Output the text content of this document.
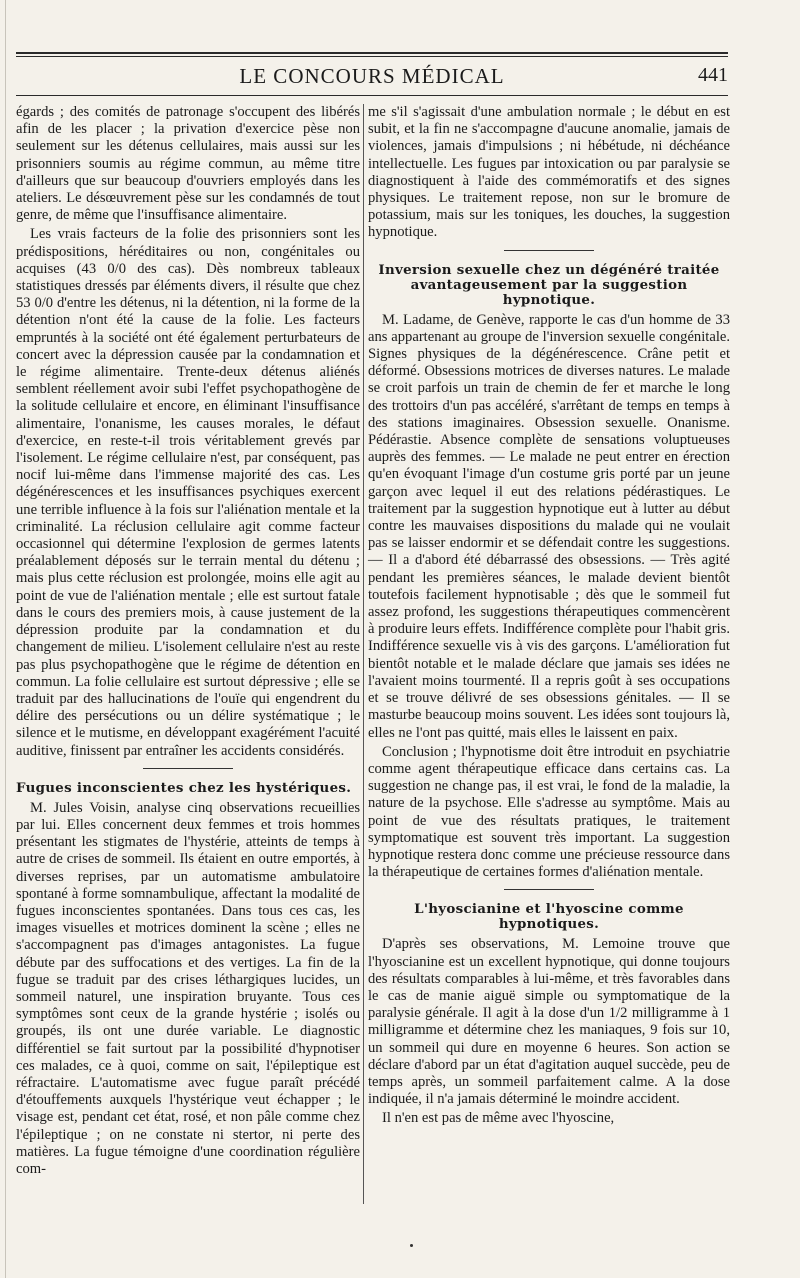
LE CONCOURS MÉDICAL	441

égards ; des comités de patronage s'occupent des libérés afin de les placer ; la privation d'exercice pèse non seulement sur les détenus cellulaires, mais aussi sur les prisonniers soumis au régime commun, au même titre d'ailleurs que sur beaucoup d'ouvriers employés dans les ateliers. Le désœuvrement pèse sur les condamnés de tout genre, de même que l'insuffisance alimentaire.

Les vrais facteurs de la folie des prisonniers sont les prédispositions, héréditaires ou non, congénitales ou acquises (43 0/0 des cas). Dès nombreux tableaux statistiques dressés par éléments divers, il résulte que chez 53 0/0 d'entre les détenus, ni la détention, ni la forme de la détention n'ont été la cause de la folie. Les facteurs empruntés à la société ont été également perturbateurs de concert avec la dépression causée par la condamnation et le régime alimentaire. Trente-deux détenus aliénés semblent réellement avoir subi l'effet psychopathogène de la solitude cellulaire et encore, en éliminant l'insuffisance alimentaire, l'onanisme, les causes morales, le défaut d'exercice, en reste-t-il trois véritablement grevés par l'isolement. Le régime cellulaire n'est, par conséquent, pas nocif lui-même dans l'immense majorité des cas. Les dégénérescences et les insuffisances psychiques exercent une terrible influence à la fois sur l'aliénation mentale et la criminalité. La réclusion cellulaire agit comme facteur occasionnel qui détermine l'explosion de germes latents préalablement déposés sur le terrain mental du détenu ; mais plus cette réclusion est prolongée, moins elle agit au point de vue de l'aliénation mentale ; elle est surtout fatale dans le cours des premiers mois, à cause justement de la dépression produite par la condamnation et du changement de milieu. L'isolement cellulaire n'est au reste pas plus psychopathogène que le régime de détention en commun. La folie cellulaire est surtout dépressive ; elle se traduit par des hallucinations de l'ouïe qui engendrent du délire des persécutions ou un délire systématique ; le silence et le mutisme, en développant exagérément l'acuité auditive, finissent par entraîner les accidents considérés.

Fugues inconscientes chez les hystériques.

M. Jules Voisin, analyse cinq observations recueillies par lui. Elles concernent deux femmes et trois hommes présentant les stigmates de l'hystérie, atteints de temps à autre de crises de sommeil. Ils étaient en outre emportés, à diverses reprises, par un automatisme ambulatoire spontané à forme somnambulique, affectant la modalité de fugues inconscientes spontanées. Dans tous ces cas, les images visuelles et motrices dominent la scène ; elles ne s'accompagnent pas d'images antagonistes. La fugue débute par des suffocations et des vertiges. La fin de la fugue se traduit par des crises léthargiques lucides, un sommeil naturel, une inspiration bruyante. Tous ces symptômes sont ceux de la grande hystérie ; isolés ou groupés, ils ont une durée variable. Le diagnostic différentiel se fait surtout par la possibilité d'hypnotiser ces malades, ce à quoi, comme on sait, l'épileptique est réfractaire. L'automatisme avec fugue paraît précédé d'étouffements auxquels l'hystérique veut échapper ; le visage est, pendant cet état, rosé, et non pâle comme chez l'épileptique ; on ne constate ni stertor, ni perte des matières. La fugue témoigne d'une coordination régulière com-

me s'il s'agissait d'une ambulation normale ; le début en est subit, et la fin ne s'accompagne d'aucune anomalie, jamais de violences, jamais d'impulsions ; ni hébétude, ni déchéance intellectuelle. Les fugues par intoxication ou par paralysie se diagnostiquent à l'aide des commémoratifs et des signes physiques. Le traitement repose, non sur le bromure de potassium, mais sur les toniques, les douches, la suggestion hypnotique.

Inversion sexuelle chez un dégénéré traitée avantageusement par la suggestion hypnotique.

M. Ladame, de Genève, rapporte le cas d'un homme de 33 ans appartenant au groupe de l'inversion sexuelle congénitale. Signes physiques de la dégénérescence. Crâne petit et déformé. Obsessions motrices de diverses natures. Le malade se croit parfois un train de chemin de fer et marche le long des trottoirs d'un pas accéléré, s'arrêtant de temps en temps à des stations imaginaires. Obsession sexuelle. Onanisme. Pédérastie. Absence complète de sensations voluptueuses auprès des femmes. — Le malade ne peut entrer en érection qu'en évoquant l'image d'un costume gris porté par un jeune garçon avec lequel il eut des relations pédérastiques. Le traitement par la suggestion hypnotique eut à lutter au début contre les mauvaises dispositions du malade qui ne voulait pas se laisser endormir et se défendait contre les suggestions. — Il a d'abord été débarrassé des obsessions. — Très agité pendant les premières séances, le malade devient bientôt toutefois facilement hypnotisable ; dès que le sommeil fut assez profond, les suggestions thérapeutiques commencèrent à produire leurs effets. Indifférence complète pour l'habit gris. Indifférence sexuelle vis à vis des garçons. L'amélioration fut bientôt notable et le malade déclare que jamais ses idées ne l'avaient moins tourmenté. Il a repris goût à ses occupations et se trouve délivré de ses obsessions génitales. — Il se masturbe beaucoup moins souvent. Les idées sont toujours là, elles ne l'ont pas quitté, mais elles le laissent en paix.

Conclusion ; l'hypnotisme doit être introduit en psychiatrie comme agent thérapeutique efficace dans certains cas. La suggestion ne change pas, il est vrai, le fond de la maladie, la nature de la psychose. Elle s'adresse au symptôme. Mais au point de vue des résultats pratiques, le traitement symptomatique est souvent très important. La suggestion hypnotique restera donc comme une précieuse ressource dans la thérapeutique de certaines formes d'aliénation mentale.

L'hyoscianine et l'hyoscine comme hypnotiques.

D'après ses observations, M. Lemoine trouve que l'hyoscianine est un excellent hypnotique, qui donne toujours des résultats comparables à lui-même, et très favorables dans le cas de manie aiguë simple ou symptomatique de la paralysie générale. Il agit à la dose d'un 1/2 milligramme à 1 milligramme et détermine chez les maniaques, 9 fois sur 10, un sommeil qui dure en moyenne 6 heures. Son action se déclare d'abord par un état d'agitation auquel succède, peu de temps après, un sommeil parfaitement calme. A la dose indiquée, il n'a jamais déterminé le moindre accident.

Il n'en est pas de même avec l'hyoscine,
